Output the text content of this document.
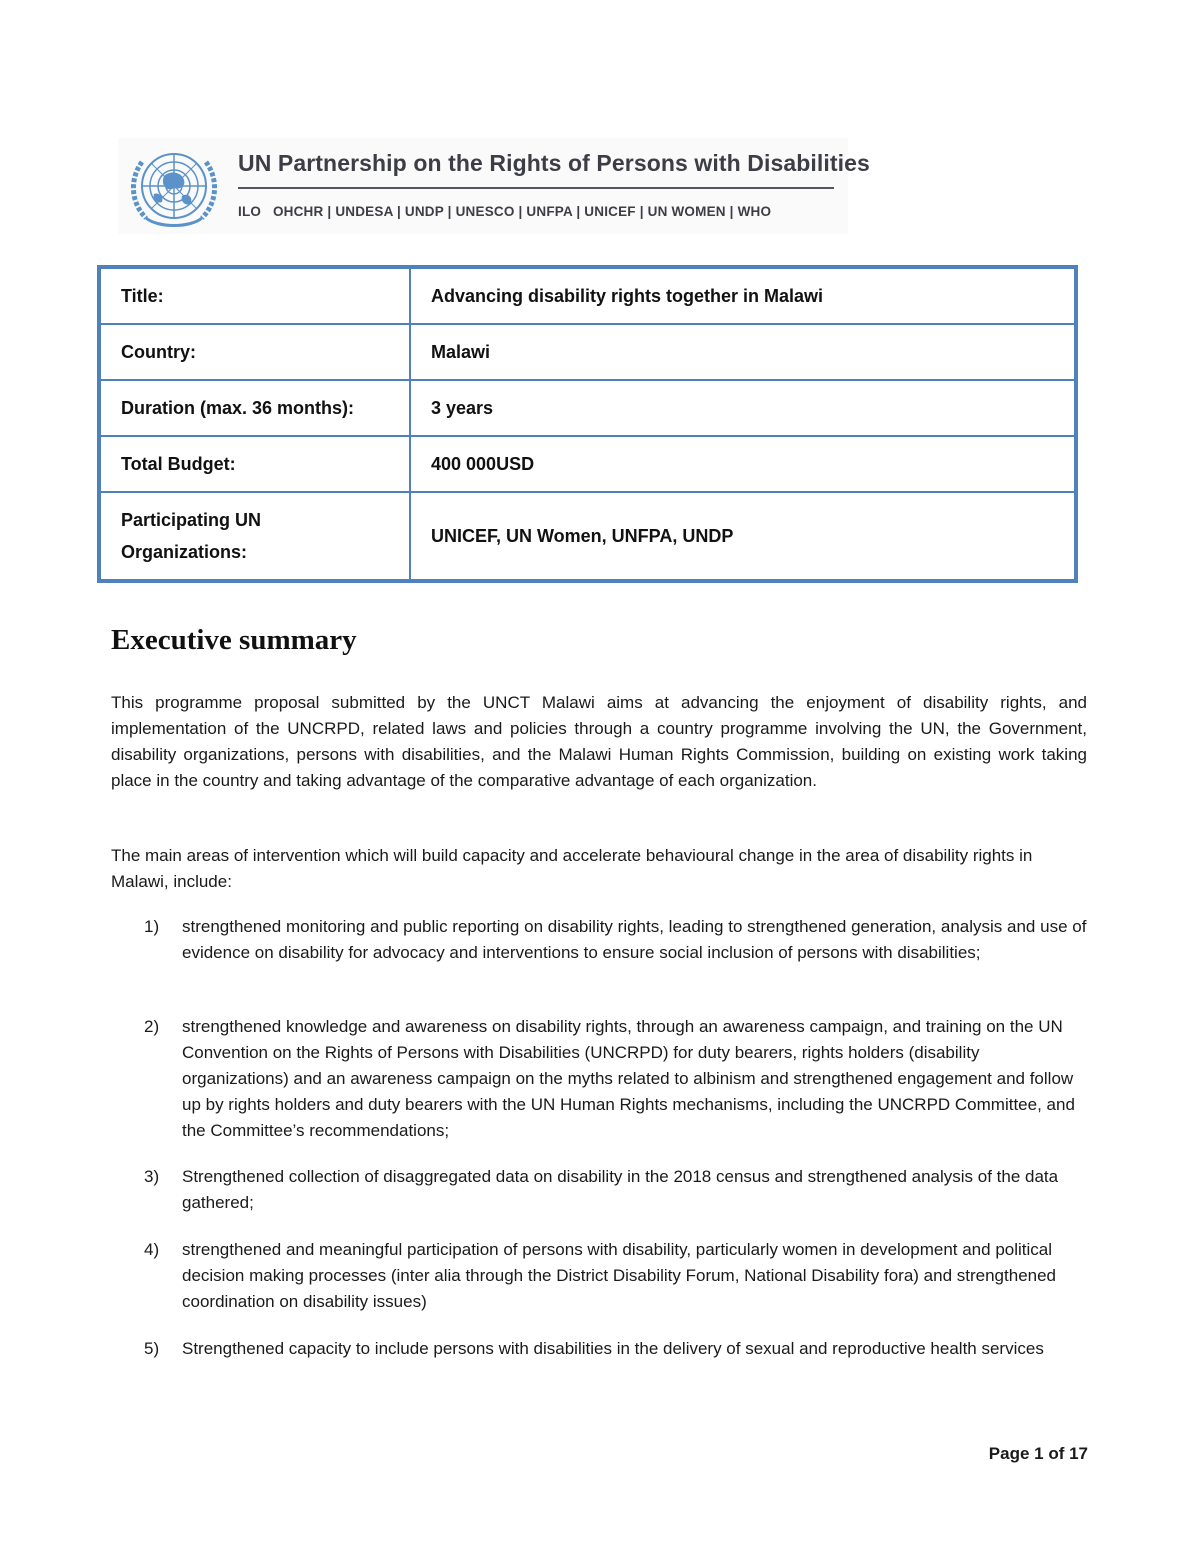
UN Partnership on the Rights of Persons with Disabilities
ILO   OHCHR | UNDESA | UNDP | UNESCO | UNFPA | UNICEF | UN WOMEN | WHO
Title:	Advancing disability rights together in Malawi
Country:	Malawi
Duration (max. 36 months):	3 years
Total Budget:	400 000USD

Participating UN
Organizations:	UNICEF, UN Women, UNFPA, UNDP
Executive summary

This programme proposal submitted by the UNCT Malawi aims at advancing the enjoyment of disability rights, and implementation of the UNCRPD, related laws and policies through a country programme involving the UN, the Government, disability organizations, persons with disabilities, and the Malawi Human Rights Commission, building on existing work taking place in the country and taking advantage of the comparative advantage of each organization.

The main areas of intervention which will build capacity and accelerate behavioural change in the area of disability rights in Malawi, include:

1) strengthened monitoring and public reporting on disability rights, leading to strengthened generation, analysis and use of evidence on disability for advocacy and interventions to ensure social inclusion of persons with disabilities;
2) strengthened knowledge and awareness on disability rights, through an awareness campaign, and training on the UN Convention on the Rights of Persons with Disabilities (UNCRPD) for duty bearers, rights holders (disability organizations) and an awareness campaign on the myths related to albinism and strengthened engagement and follow up by rights holders and duty bearers with the UN Human Rights mechanisms, including the UNCRPD Committee, and the Committee’s recommendations;
3) Strengthened collection of disaggregated data on disability in the 2018 census and strengthened analysis of the data gathered;
4) strengthened and meaningful participation of persons with disability, particularly women in development and political decision making processes (inter alia through the District Disability Forum, National Disability fora) and strengthened coordination on disability issues)
5) Strengthened capacity to include persons with disabilities in the delivery of sexual and reproductive health services
Page 1 of 17
